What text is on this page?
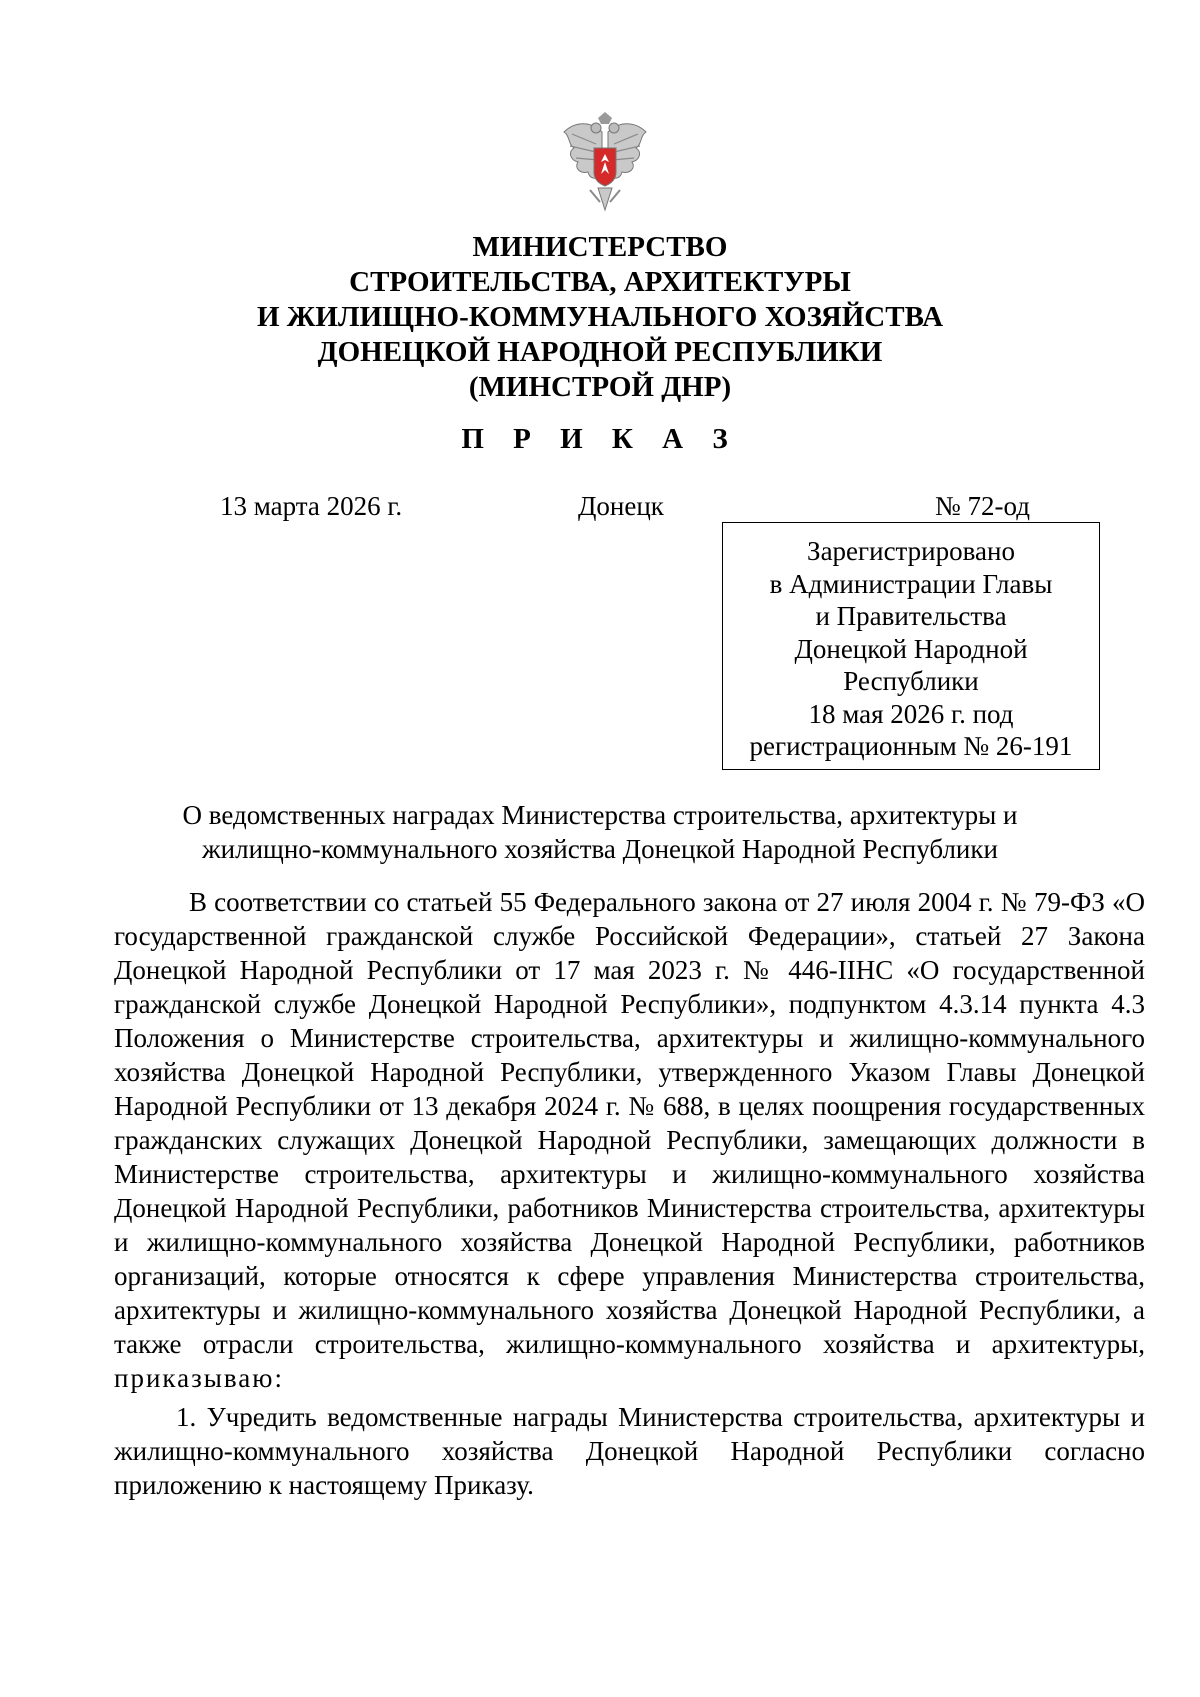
МИНИСТЕРСТВО
СТРОИТЕЛЬСТВА, АРХИТЕКТУРЫ
И ЖИЛИЩНО-КОММУНАЛЬНОГО ХОЗЯЙСТВА
ДОНЕЦКОЙ НАРОДНОЙ РЕСПУБЛИКИ
(МИНСТРОЙ ДНР)
П Р И К А З
13 марта 2026 г.	Донецк	№ 72-од
Зарегистрировано
в Администрации Главы
и Правительства
Донецкой Народной
Республики
18 мая 2026 г. под
регистрационным № 26-191
О ведомственных наградах Министерства строительства, архитектуры и
жилищно-коммунального хозяйства Донецкой Народной Республики

В соответствии со статьей 55 Федерального закона от 27 июля 2004 г. № 79-ФЗ «О государственной гражданской службе Российской Федерации», статьей 27 Закона Донецкой Народной Республики от 17 мая 2023 г. № 446-IIНС «О государственной гражданской службе Донецкой Народной Республики», подпунктом 4.3.14 пункта 4.3 Положения о Министерстве строительства, архитектуры и жилищно-коммунального хозяйства Донецкой Народной Республики, утвержденного Указом Главы Донецкой Народной Республики от 13 декабря 2024 г. № 688, в целях поощрения государственных гражданских служащих Донецкой Народной Республики, замещающих должности в Министерстве строительства, архитектуры и жилищно-коммунального хозяйства Донецкой Народной Республики, работников Министерства строительства, архитектуры и жилищно-коммунального хозяйства Донецкой Народной Республики, работников организаций, которые относятся к сфере управления Министерства строительства, архитектуры и жилищно-коммунального хозяйства Донецкой Народной Республики, а также отрасли строительства, жилищно-коммунального хозяйства и архитектуры, приказываю:

1. Учредить ведомственные награды Министерства строительства, архитектуры и жилищно-коммунального хозяйства Донецкой Народной Республики согласно приложению к настоящему Приказу.
